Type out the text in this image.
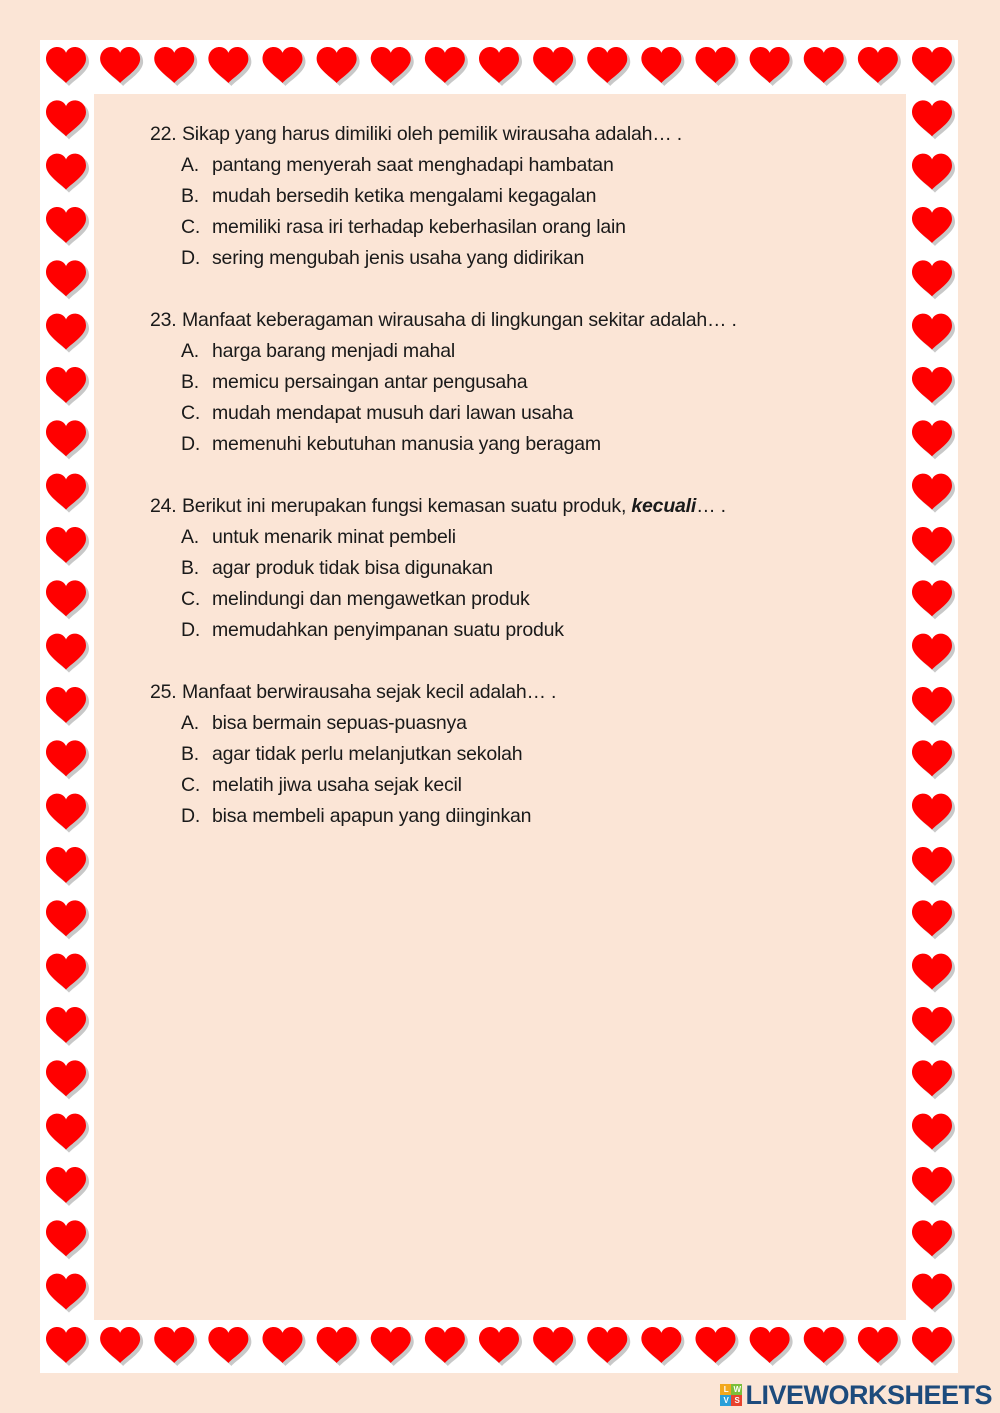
22. Sikap yang harus dimiliki oleh pemilik wirausaha adalah… .
A. pantang menyerah saat menghadapi hambatan
B. mudah bersedih ketika mengalami kegagalan
C. memiliki rasa iri terhadap keberhasilan orang lain
D. sering mengubah jenis usaha yang didirikan
23. Manfaat keberagaman wirausaha di lingkungan sekitar adalah… .
A. harga barang menjadi mahal
B. memicu persaingan antar pengusaha
C. mudah mendapat musuh dari lawan usaha
D. memenuhi kebutuhan manusia yang beragam
24. Berikut ini merupakan fungsi kemasan suatu produk, kecuali… .
A. untuk menarik minat pembeli
B. agar produk tidak bisa digunakan
C. melindungi dan mengawetkan produk
D. memudahkan penyimpanan suatu produk
25. Manfaat berwirausaha sejak kecil adalah… .
A. bisa bermain sepuas-puasnya
B. agar tidak perlu melanjutkan sekolah
C. melatih jiwa usaha sejak kecil
D. bisa membeli apapun yang diinginkan
L W
V S LIVEWORKSHEETS
